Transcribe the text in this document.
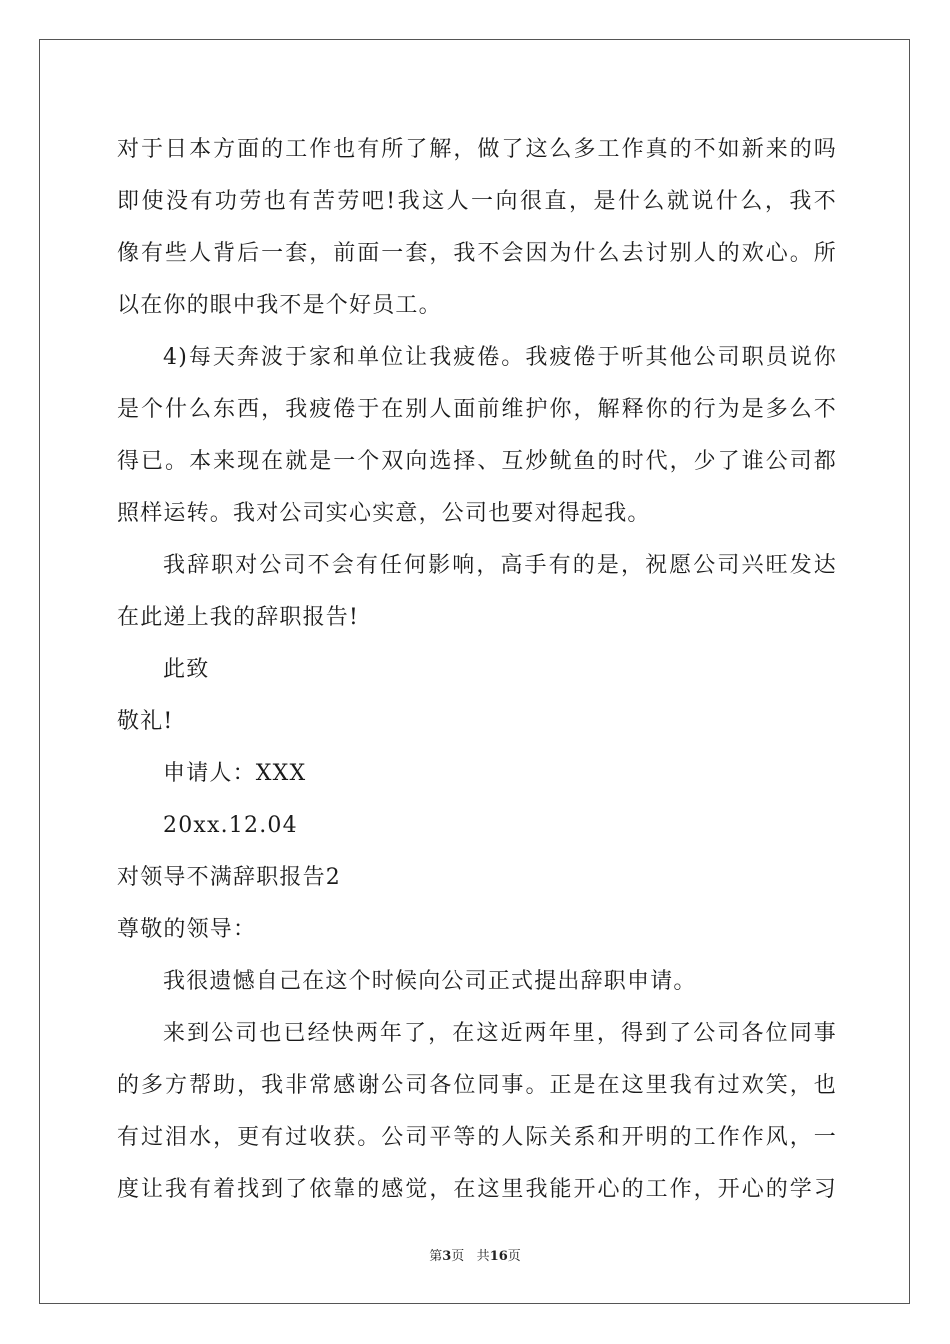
对于日本方面的工作也有所了解，做了这么多工作真的不如新来的吗
即使没有功劳也有苦劳吧!我这人一向很直，是什么就说什么，我不
像有些人背后一套，前面一套，我不会因为什么去讨别人的欢心。所
以在你的眼中我不是个好员工。
4)每天奔波于家和单位让我疲倦。我疲倦于听其他公司职员说你
是个什么东西，我疲倦于在别人面前维护你，解释你的行为是多么不
得已。本来现在就是一个双向选择、互炒鱿鱼的时代，少了谁公司都
照样运转。我对公司实心实意，公司也要对得起我。
我辞职对公司不会有任何影响，高手有的是，祝愿公司兴旺发达
在此递上我的辞职报告!
此致
敬礼!
申请人：XXX
20xx.12.04
对领导不满辞职报告2
尊敬的领导：
我很遗憾自己在这个时候向公司正式提出辞职申请。
来到公司也已经快两年了，在这近两年里，得到了公司各位同事
的多方帮助，我非常感谢公司各位同事。正是在这里我有过欢笑，也
有过泪水，更有过收获。公司平等的人际关系和开明的工作作风，一
度让我有着找到了依靠的感觉，在这里我能开心的工作，开心的学习
第3页 共16页
